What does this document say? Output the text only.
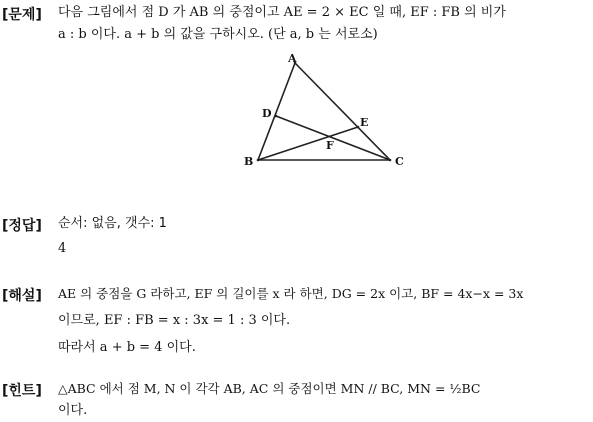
[문제] 다음 그림에서 점 D 가 AB 의 중점이고 AE = 2 × EC 일 때, EF : FB 의 비가
a : b 이다. a + b 의 값을 구하시오. (단 a, b 는 서로소)
A
B	C
D
E
F
[정답] 순서: 없음, 갯수: 1
4
[해설] AE 의 중점을 G 라하고, EF 의 길이를 x 라 하면, DG = 2x 이고, BF = 4x−x = 3x
이므로, EF : FB = x : 3x = 1 : 3 이다.
따라서 a + b = 4 이다.
[힌트] △ABC 에서 점 M, N 이 각각 AB, AC 의 중점이면 MN // BC, MN = ½BC
이다.
